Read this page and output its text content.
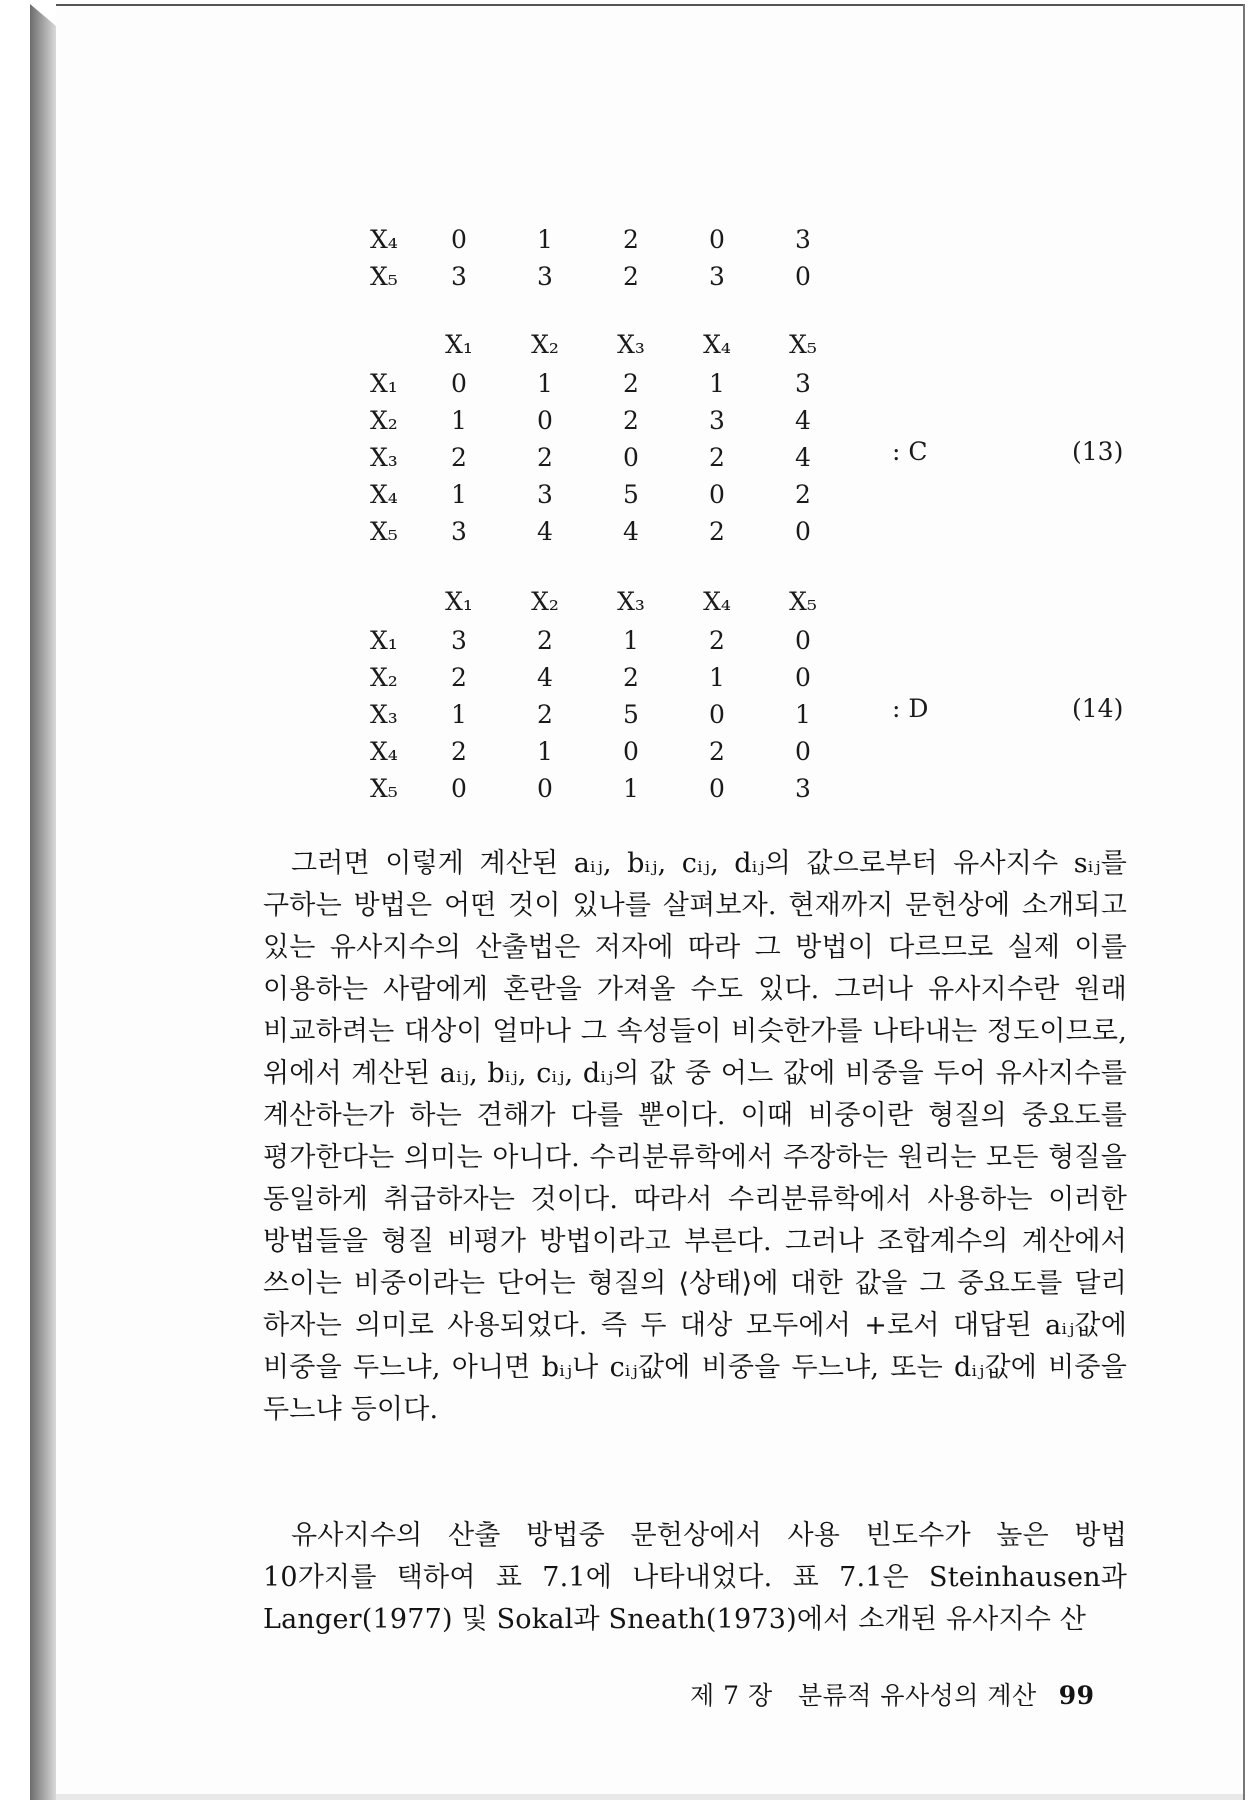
X₄	0	1	2	0	3
X₅	3	3	2	3	0
	X₁	X₂	X₃	X₄	X₅
X₁	0	1	2	1	3
X₂	1	0	2	3	4
X₃	2	2	0	2	4
X₄	1	3	5	0	2
X₅	3	4	4	2	0
: C	(13)
	X₁	X₂	X₃	X₄	X₅
X₁	3	2	1	2	0
X₂	2	4	2	1	0
X₃	1	2	5	0	1
X₄	2	1	0	2	0
X₅	0	0	1	0	3
: D	(14)

그러면 이렇게 계산된 aᵢⱼ, bᵢⱼ, cᵢⱼ, dᵢⱼ의 값으로부터 유사지수 sᵢⱼ를 구하는 방법은 어떤 것이 있나를 살펴보자. 현재까지 문헌상에 소개되고 있는 유사지수의 산출법은 저자에 따라 그 방법이 다르므로 실제 이를 이용하는 사람에게 혼란을 가져올 수도 있다. 그러나 유사지수란 원래 비교하려는 대상이 얼마나 그 속성들이 비슷한가를 나타내는 정도이므로, 위에서 계산된 aᵢⱼ, bᵢⱼ, cᵢⱼ, dᵢⱼ의 값 중 어느 값에 비중을 두어 유사지수를 계산하는가 하는 견해가 다를 뿐이다. 이때 비중이란 형질의 중요도를 평가한다는 의미는 아니다. 수리분류학에서 주장하는 원리는 모든 형질을 동일하게 취급하자는 것이다. 따라서 수리분류학에서 사용하는 이러한 방법들을 형질 비평가 방법이라고 부른다. 그러나 조합계수의 계산에서 쓰이는 비중이라는 단어는 형질의 ⟨상태⟩에 대한 값을 그 중요도를 달리 하자는 의미로 사용되었다. 즉 두 대상 모두에서 +로서 대답된 aᵢⱼ값에 비중을 두느냐, 아니면 bᵢⱼ나 cᵢⱼ값에 비중을 두느냐, 또는 dᵢⱼ값에 비중을 두느냐 등이다.

유사지수의 산출 방법중 문헌상에서 사용 빈도수가 높은 방법 10가지를 택하여 표 7.1에 나타내었다. 표 7.1은 Steinhausen과 Langer(1977) 및 Sokal과 Sneath(1973)에서 소개된 유사지수 산

제 7 장   분류적 유사성의 계산 99
